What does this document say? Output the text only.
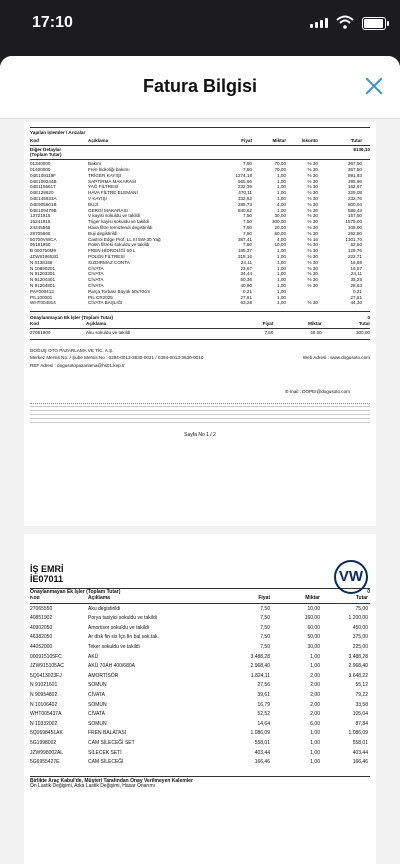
17:10
Fatura Bilgisi
Yapılan İşlemler / Arızalar
Kod	Açıklama	Fiyat	Miktar	İskonto	Tutar
Diğer Detaylar	8136,10
(Toplam Tutar)
01340000	Bakım	7,50	70,00	% 30	367,50
01400000	Fren hidroliği bakımı	7,50	70,00	% 30	367,50
04E109119F	TRİGER KAYIŞI	1274,18	1,00	% 30	891,93
04E109244B	SAPTIRMA MAKARASI	565,66	1,00	% 30	395,96
04E115561T	YAĞ FİLTRESİ	232,39	1,00	% 30	162,67
04E129620	HAVA FİLTRE ELEMANI	470,11	1,00	% 30	329,08
04E145933A	V KAYIŞI	332,52	1,00	% 30	232,76
04E905601B	BUJİ	285,73	4,00	% 30	800,04
04E109479B	GERGİ MAKARASI	840,62	1,00	% 30	588,43
13721915	V kayisi sokuldu ve takildi	7,50	30,00	% 30	157,50
15241915	Triger kayisi sokuldu ve takildi	7,50	300,00	% 30	1575,00
24245565	Hava filtre temizlendi degistirildi	7,50	20,00	% 30	105,00
28705665	Buji degistirildi	7,50	50,00	% 30	262,50
50700VWCA	Castrol Edge Prof. LL III 5W-30 Yağ	387,41	4,00	% 16	1301,70
95181950	Polen filtresi sokuldu ve takildi	7,50	10,00	% 30	52,50
B 000750M9	FREN HİDROLİĞİ 60 L	185,37	1,00	% 30	129,76
JZW819653G	POLEN FİLTRESİ	318,16	1,00	% 30	222,71
N 0138158	SIZDIRMAZ CONTA	24,11	1,00	% 30	16,88
N 10890201	CİVATA	23,67	1,00	% 30	16,57
N 91203301	CİVATA	34,44	1,00	% 30	24,11
N 91204401	CİVATA	50,36	1,00	% 30	35,25
N 91264801	CİVATA	40,90	1,00	% 30	28,63
PAY000413	Parça Torbası Büyük 50x70cm	0,21	1,00	0,21
PIL100001	PIL CR2025	27,61	1,00	27,61
WHT004914	CİVATA BAŞLIĞI	63,28	1,00	% 30	44,30
Onaylanmayan Ek İşler (Toplam Tutar)	0
Kod	Açıklama	Fiyat	Miktar	Tutar
27061900	Aku sokuldu ve takildi	7,50	40,00	300,00
DOĞUŞ OTO PAZARLAMA VE TİC. A.Ş.
Merkez Mersis No. / Şube Mersis No : 0394-0013-3630-0021 / 0394-0013-3630-0010	Web Adresi : www.dogusoto.com
REF Adresi : dogusotopazarlama@hs01.kep.tr
E-mail : DOPEI@dogusoto.com
Sayfa No 1 / 2
İŞ EMRİ
İE07011	VW
Onaylanmayan Ek İşler (Toplam Tutar)	0
Kod	Açıklama	Fiyat	Miktar	Tutar
27065550	Aku degistirildi	7,50	10,00	75,00
40851902	Porya tasiyici sokuldu ve takildi	7,50	160,00	1.200,00
40902050	Amortisor sokuldu ve takildi	7,50	60,00	450,00
46382050	Ar disk fin sis İçn fin bal sok.tak.	7,50	50,00	375,00
44052000	Teker sokuldu ve takildi	7,50	30,00	225,00
000915105FC	AKÜ	3.488,28	1,00	3.488,28
JZW915105AC	AKÜ 70AH 400/680A	2.968,40	1,00	2.968,40
5Q0413023FJ	AMORTİSÖR	1.824,11	2,00	3.648,22
N 91021601	SOMUN	27,56	2,00	55,12
N 90954802	CİVATA	39,61	2,00	79,22
N 10106402	SOMUN	16,79	2,00	33,58
WHT005437A	CİVATA	52,52	2,00	105,04
N 10332002	SOMUN	14,64	6,00	87,84
5Q0698451AK	FREN BALATASI	1.086,09	1,00	1.086,09
5G1998002	CAM SİLECEĞİ SET	558,01	1,00	558,01
JZW998002AL	SİLECEK SETİ	403,44	1,00	403,44
5G6955427E	CAM SİLECEĞİ	166,46	1,00	166,46
Birlikte Araç Kabul'de, Müşteri Tarafından Onay Verilmeyen Kalemler
Ön Lastik Değişimi, Arka Lastik Değişimi, Hasar Onarımı
